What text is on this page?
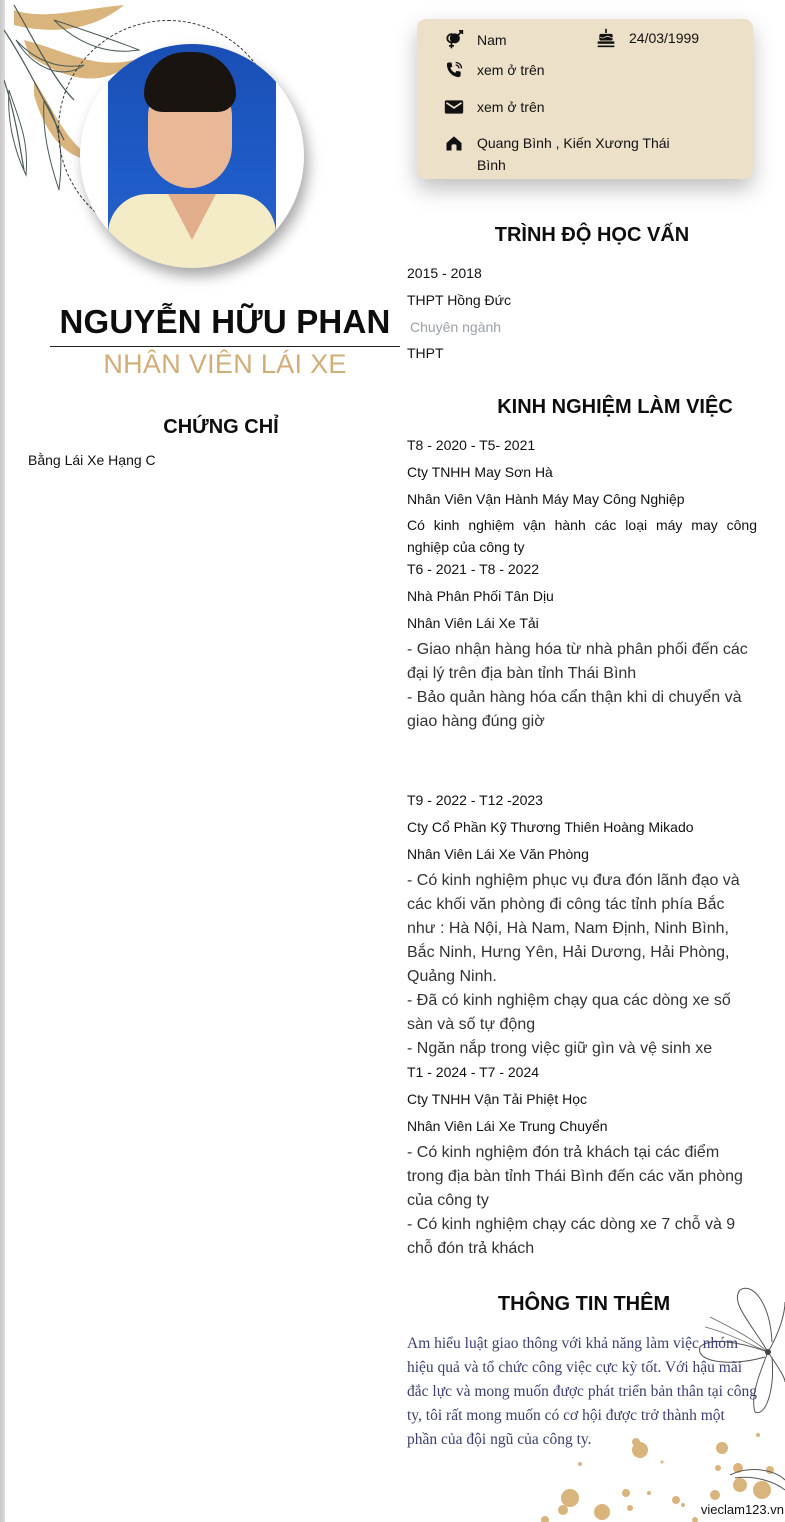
NGUYỄN HỮU PHAN
NHÂN VIÊN LÁI XE
CHỨNG CHỈ
Bằng Lái Xe Hạng C
Nam	24/03/1999
xem ở trên
xem ở trên
Quang Bình , Kiến Xương Thái
Bình
TRÌNH ĐỘ HỌC VẤN
2015 - 2018
THPT Hồng Đức
Chuyên ngành
THPT
KINH NGHIỆM LÀM VIỆC
T8 - 2020 - T5- 2021
Cty TNHH May Sơn Hà
Nhân Viên Vận Hành Máy May Công Nghiệp
Có kinh nghiệm vận hành các loại máy may công nghiệp của công ty
T6 - 2021 - T8 - 2022
Nhà Phân Phối Tân Dịu
Nhân Viên Lái Xe Tải
- Giao nhận hàng hóa từ nhà phân phối đến các đại lý trên địa bàn tỉnh Thái Bình
- Bảo quản hàng hóa cẩn thận khi di chuyển và giao hàng đúng giờ
T9 - 2022 - T12 -2023
Cty Cổ Phần Kỹ Thương Thiên Hoàng Mikado
Nhân Viên Lái Xe Văn Phòng
- Có kinh nghiệm phục vụ đưa đón lãnh đạo và các khối văn phòng đi công tác tỉnh phía Bắc như : Hà Nội, Hà Nam, Nam Định, Ninh Bình, Bắc Ninh, Hưng Yên, Hải Dương, Hải Phòng, Quảng Ninh.
- Đã có kinh nghiệm chạy qua các dòng xe số sàn và số tự động
- Ngăn nắp trong việc giữ gìn và vệ sinh xe
T1 - 2024 - T7 - 2024
Cty TNHH Vận Tải Phiệt Học
Nhân Viên Lái Xe Trung Chuyển
- Có kinh nghiệm đón trả khách tại các điểm trong địa bàn tỉnh Thái Bình đến các văn phòng của công ty
- Có kinh nghiệm chạy các dòng xe 7 chỗ và 9 chỗ đón trả khách
THÔNG TIN THÊM
Am hiểu luật giao thông với khả năng làm việc nhóm hiệu quả và tổ chức công việc cực kỳ tốt. Với hậu mãi đắc lực và mong muốn được phát triển bản thân tại công ty, tôi rất mong muốn có cơ hội được trở thành một phần của đội ngũ của công ty.
vieclam123.vn
